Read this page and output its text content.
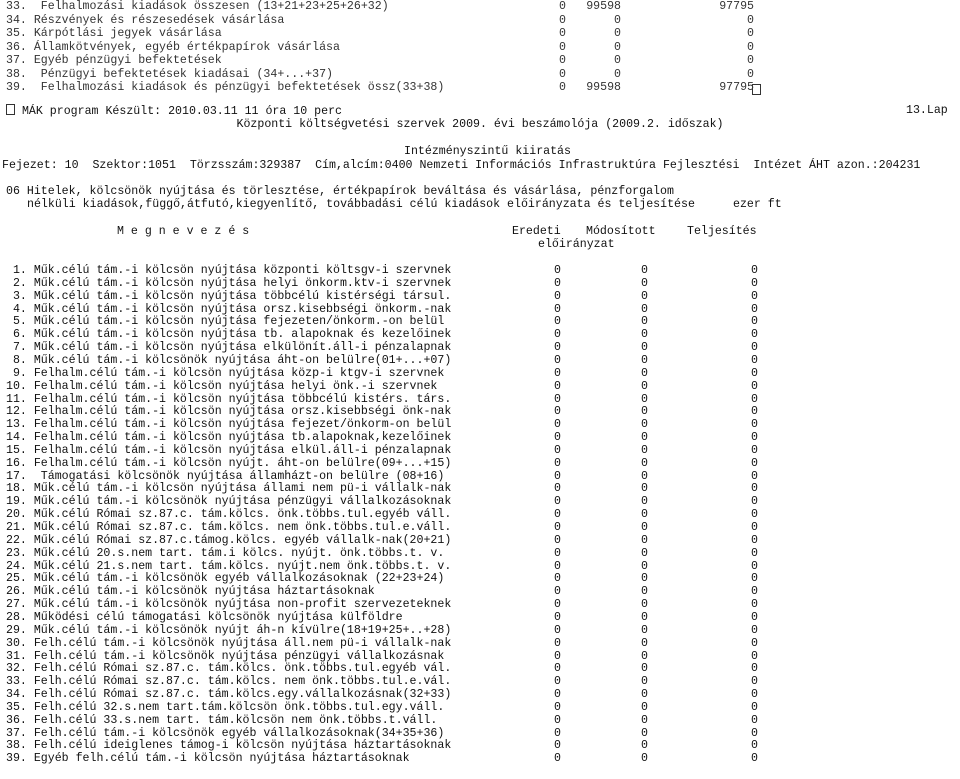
33.  Felhalmozási kiadások összesen (13+21+23+25+26+32)	0	99598	97795
34. Részvények és részesedések vásárlása	0	0	0
35. Kárpótlási jegyek vásárlása	0	0	0
36. Államkötvények, egyéb értékpapírok vásárlása	0	0	0
37. Egyéb pénzügyi befektetések	0	0	0
38.  Pénzügyi befektetések kiadásai (34+...+37)	0	0	0
39.  Felhalmozási kiadások és pénzügyi befektetések össz(33+38)	0	99598	97795
MÁK program Készült: 2010.03.11 11 óra 10 perc	13.Lap
Központi költségvetési szervek 2009. évi beszámolója (2009.2. időszak)
Intézményszintű kiiratás
Fejezet: 10  Szektor:1051  Törzsszám:329387  Cím,alcím:0400 Nemzeti Információs Infrastruktúra Fejlesztési  Intézet ÁHT azon.:204231
06 Hitelek, kölcsönök nyújtása és törlesztése, értékpapírok beváltása és vásárlása, pénzforgalom
nélküli kiadások,függő,átfutó,kiegyenlítő, továbbadási célú kiadások előirányzata és teljesítése	ezer ft
M e g n e v e z é s	Eredeti
előirányzat
Módosított	Teljesítés
1. Műk.célú tám.-i kölcsön nyújtása központi költsgv-i szervnek	0	0	0
2. Műk.célú tám.-i kölcsön nyújtása helyi önkorm.ktv-i szervnek	0	0	0
3. Műk.célú tám.-i kölcsön nyújtása többcélú kistérségi társul.	0	0	0
4. Műk.célú tám.-i kölcsön nyújtása orsz.kisebbségi önkorm.-nak	0	0	0
5. Műk.célú tám.-i kölcsön nyújtása fejezeten/önkorm.-on belül	0	0	0
6. Műk.célú tám.-i kölcsön nyújtása tb. alapoknak és kezelőinek	0	0	0
7. Műk.célú tám.-i kölcsön nyújtása elkülönít.áll-i pénzalapnak	0	0	0
8. Műk.célú tám.-i kölcsönök nyújtása áht-on belülre(01+...+07)	0	0	0
9. Felhalm.célú tám.-i kölcsön nyújtása közp-i ktgv-i szervnek	0	0	0
10. Felhalm.célú tám.-i kölcsön nyújtása helyi önk.-i szervnek	0	0	0
11. Felhalm.célú tám.-i kölcsön nyújtása többcélú kistérs. társ.	0	0	0
12. Felhalm.célú tám.-i kölcsön nyújtása orsz.kisebbségi önk-nak	0	0	0
13. Felhalm.célú tám.-i kölcsön nyújtása fejezet/önkorm-on belül	0	0	0
14. Felhalm.célú tám.-i kölcsön nyújtása tb.alapoknak,kezelőinek	0	0	0
15. Felhalm.célú tám.-i kölcsön nyújtása elkül.áll-i pénzalapnak	0	0	0
16. Felhalm.célú tám.-i kölcsön nyújt. áht-on belülre(09+...+15)	0	0	0
17.  Támogatási kölcsönök nyújtása államházt-on belülre (08+16)	0	0	0
18. Műk.célú tám.-i kölcsön nyújtása állami nem pü-i vállalk-nak	0	0	0
19. Műk.célú tám.-i kölcsönök nyújtása pénzügyi vállalkozásoknak	0	0	0
20. Műk.célú Római sz.87.c. tám.kölcs. önk.többs.tul.egyéb váll.	0	0	0
21. Műk.célú Római sz.87.c. tám.kölcs. nem önk.többs.tul.e.váll.	0	0	0
22. Műk.célú Római sz.87.c.támog.kölcs. egyéb vállalk-nak(20+21)	0	0	0
23. Műk.célú 20.s.nem tart. tám.i kölcs. nyújt. önk.többs.t. v.	0	0	0
24. Műk.célú 21.s.nem tart. tám.kölcs. nyújt.nem önk.többs.t. v.	0	0	0
25. Műk.célú tám.-i kölcsönök egyéb vállalkozásoknak (22+23+24)	0	0	0
26. Műk.célú tám.-i kölcsönök nyújtása háztartásoknak	0	0	0
27. Műk.célú tám.-i kölcsönök nyújtása non-profit szervezeteknek	0	0	0
28. Működési célú támogatási kölcsönök nyújtása külföldre	0	0	0
29. Műk.célú tám.-i kölcsönök nyújt áh-n kívülre(18+19+25+..+28)	0	0	0
30. Felh.célú tám.-i kölcsönök nyújtása áll.nem pü-i vállalk-nak	0	0	0
31. Felh.célú tám.-i kölcsönök nyújtása pénzügyi vállalkozásnak	0	0	0
32. Felh.célú Római sz.87.c. tám.kölcs. önk.többs.tul.egyéb vál.	0	0	0
33. Felh.célú Római sz.87.c. tám.kölcs. nem önk.többs.tul.e.vál.	0	0	0
34. Felh.célú Római sz.87.c. tám.kölcs.egy.vállalkozásnak(32+33)	0	0	0
35. Felh.célú 32.s.nem tart.tám.kölcsön önk.többs.tul.egy.váll.	0	0	0
36. Felh.célú 33.s.nem tart. tám.kölcsön nem önk.többs.t.váll.	0	0	0
37. Felh.célú tám.-i kölcsönök egyéb vállalkozásoknak(34+35+36)	0	0	0
38. Felh.célú ideiglenes támog-i kölcsön nyújtása háztartásoknak	0	0	0
39. Egyéb felh.célú tám.-i kölcsön nyújtása háztartásoknak	0	0	0
